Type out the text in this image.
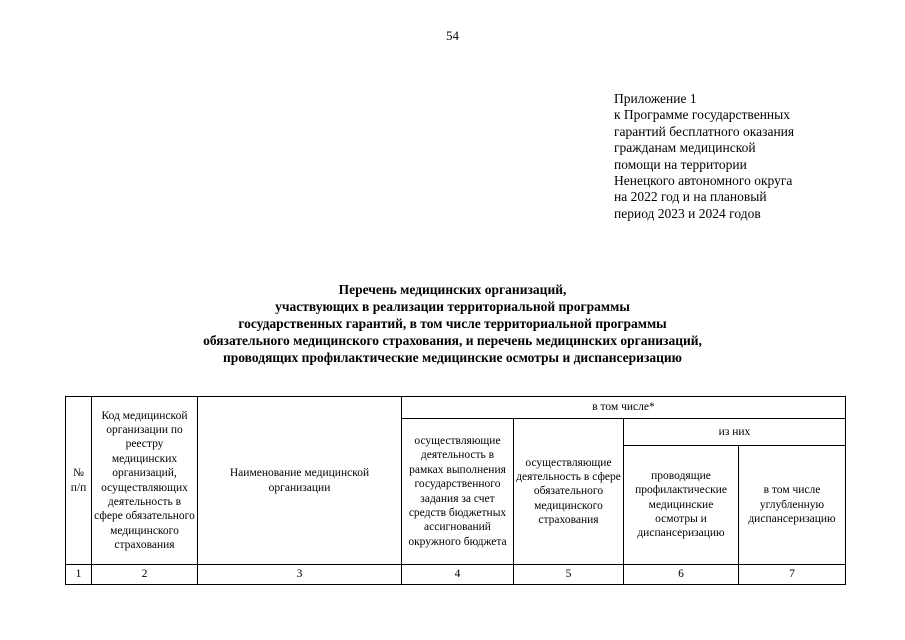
54
Приложение 1
к Программе государственных
гарантий бесплатного оказания
гражданам медицинской
помощи на территории
Ненецкого автономного округа
на 2022 год и на плановый
период 2023 и 2024 годов
Перечень медицинских организаций,
участвующих в реализации территориальной программы
государственных гарантий, в том числе территориальной программы
обязательного медицинского страхования, и перечень медицинских организаций,
проводящих профилактические медицинские осмотры и диспансеризацию
№ п/п	Код медицинской организации по реестру медицинских организаций, осуществляющих деятельность в сфере обязательного медицинского страхования	Наименование медицинской организации	в том числе*			
			осуществляющие деятельность в рамках выполнения государственного задания за счет средств бюджетных ассигнований окружного бюджета	осуществляющие деятельность в сфере обязательного медицинского страхования	из них	
					проводящие профилактические медицинские осмотры и диспансеризацию	в том числе углубленную диспансеризацию
1	2	3	4	5	6	7
